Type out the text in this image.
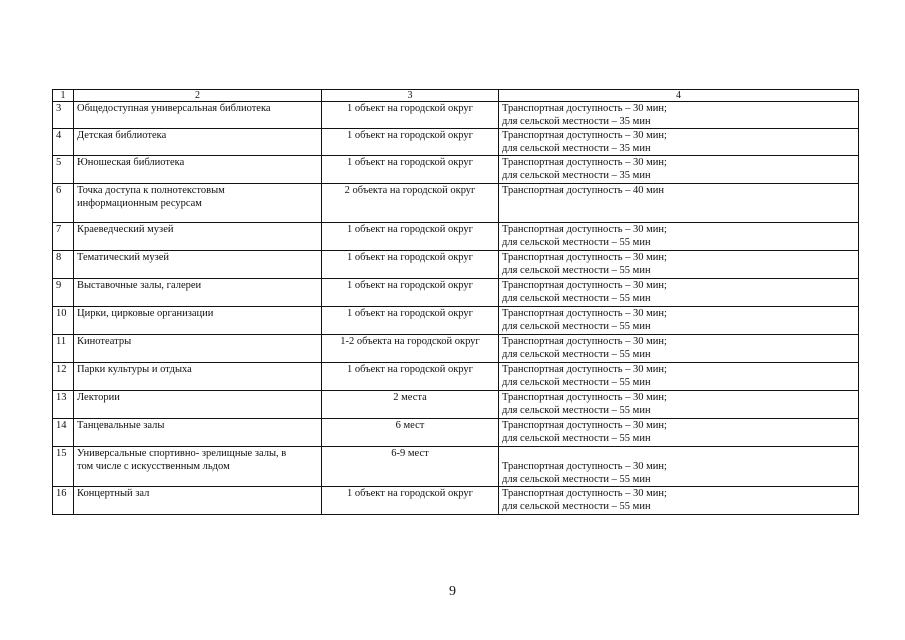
1	2	3	4
3	Общедоступная универсальная библиотека	1 объект на городской округ	Транспортная доступность – 30 мин;
для сельской местности – 35 мин

4	Детская библиотека	1 объект на городской округ	Транспортная доступность – 30 мин;
для сельской местности – 35 мин

5	Юношеская библиотека	1 объект на городской округ	Транспортная доступность – 30 мин;
для сельской местности – 35 мин

6	Точка доступа к полнотекстовым
информационным ресурсам	2 объекта на городской округ	Транспортная доступность – 40 мин

7	Краеведческий музей	1 объект на городской округ	Транспортная доступность – 30 мин;
для сельской местности – 55 мин

8	Тематический музей	1 объект на городской округ	Транспортная доступность – 30 мин;
для сельской местности – 55 мин

9	Выставочные залы, галереи	1 объект на городской округ	Транспортная доступность – 30 мин;
для сельской местности – 55 мин

10	Цирки, цирковые организации	1 объект на городской округ	Транспортная доступность – 30 мин;
для сельской местности – 55 мин

11	Кинотеатры	1-2 объекта на городской округ	Транспортная доступность – 30 мин;
для сельской местности – 55 мин

12	Парки культуры и отдыха	1 объект на городской округ	Транспортная доступность – 30 мин;
для сельской местности – 55 мин

13	Лектории	2 места	Транспортная доступность – 30 мин;
для сельской местности – 55 мин

14	Танцевальные залы	6 мест	Транспортная доступность – 30 мин;
для сельской местности – 55 мин

15	Универсальные спортивно- зрелищные залы, в
том числе с искусственным льдом	6-9 мест	Транспортная доступность – 30 мин;
для сельской местности – 55 мин

16	Концертный зал	1 объект на городской округ	Транспортная доступность – 30 мин;
для сельской местности – 55 мин
9
